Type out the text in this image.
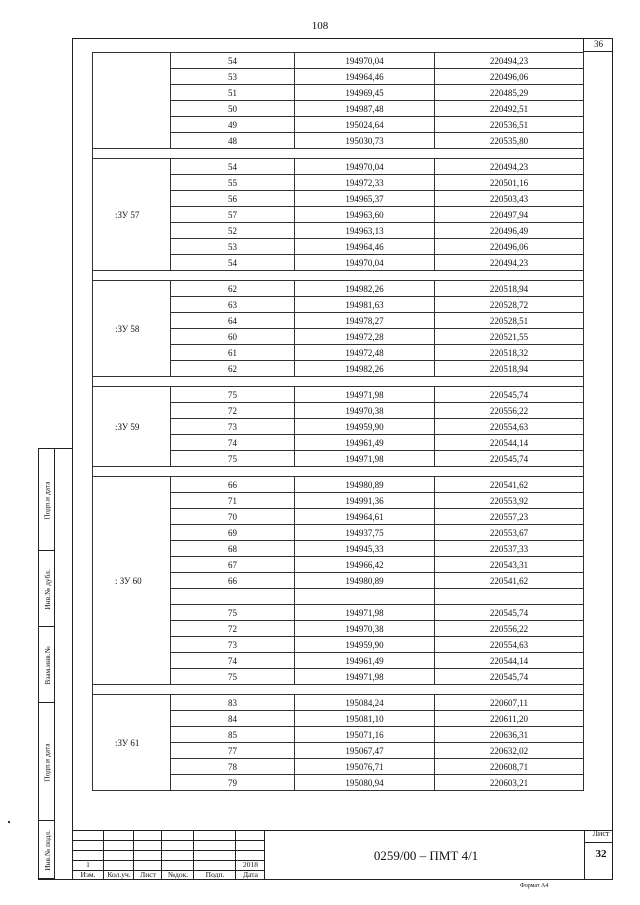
108
36
	54	194970,04	220494,23
	53	194964,46	220496,06
	51	194969,45	220485,29
	50	194987,48	220492,51
	49	195024,64	220536,51
	48	195030,73	220535,80

:ЗУ 57	54	194970,04	220494,23
	55	194972,33	220501,16
	56	194965,37	220503,43
	57	194963,60	220497,94
	52	194963,13	220496,49
	53	194964,46	220496,06
	54	194970,04	220494,23

:ЗУ 58	62	194982,26	220518,94
	63	194981,63	220528,72
	64	194978,27	220528,51
	60	194972,28	220521,55
	61	194972,48	220518,32
	62	194982,26	220518,94

:ЗУ 59	75	194971,98	220545,74
	72	194970,38	220556,22
	73	194959,90	220554,63
	74	194961,49	220544,14
	75	194971,98	220545,74

: ЗУ 60	66	194980,89	220541,62
	71	194991,36	220553,92
	70	194964,61	220557,23
	69	194937,75	220553,67
	68	194945,33	220537,33
	67	194966,42	220543,31
	66	194980,89	220541,62

	75	194971,98	220545,74
	72	194970,38	220556,22
	73	194959,90	220554,63
	74	194961,49	220544,14
	75	194971,98	220545,74

:ЗУ 61	83	195084,24	220607,11
	84	195081,10	220611,20
	85	195071,16	220636,31
	77	195067,47	220632,02
	78	195076,71	220608,71
	79	195080,94	220603,21
Подп.и дата
Инв.№ дубл.
Взам.инв.№
Подп.и дата
Инв.№ подл.
Изм.	Кол.уч.	Лист	№док.	Подп.	Дата
1	2018
0259/00 – ПМТ 4/1
Лист
32
Формат А4
